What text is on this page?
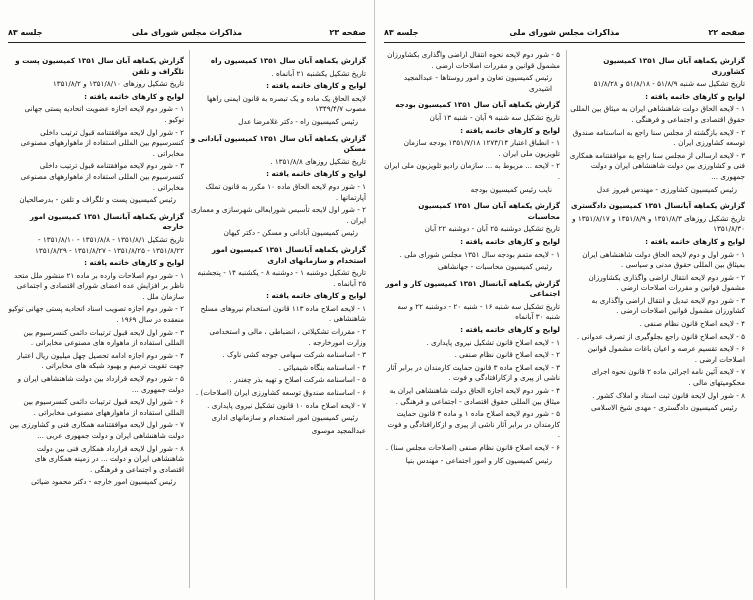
صفحه ۲۳
مذاکرات مجلس شورای ملی
جلسه ۸۳

گزارش یکماهه آبان سال ۱۳۵۱ کمیسیون راه

تاریخ تشکیل یکشنبه ۲۱ آبانماه .

لوایح و کارهای خاتمه یافته :

لایحه الحاق یک ماده و یک تبصره به قانون ایمنی راهها مصوب ۱۳۴۹/۴/۷

رئیس کمیسیون راه - دکتر غلامرضا عدل

گزارش یکماهه آبان سال ۱۳۵۱ کمیسیون آبادانی و مسکن

تاریخ تشکیل روزهای ۱۳۵۱/۸/۸ .

لوایح و کارهای خاتمه یافته :

۱ - شور دوم لایحه الحاق ماده ۱۰ مکرر به قانون تملک آپارتمانها .

۲ - شور اول لایحه تأسیس شورایعالی شهرسازی و معماری ایران .

رئیس کمیسیون آبادانی و مسکن - دکتر کیهان

گزارش یکماهه آبانسال ۱۳۵۱ کمیسیون امور استخدام و سازمانهای اداری

تاریخ تشکیل دوشنبه ۱ - دوشنبه ۸ - یکشنبه ۱۴ - پنجشنبه ۲۵ آبانماه .

لوایح و کارهای خاتمه یافته :

۱ - لایحه اصلاح ماده ۱۱۳ قانون استخدام نیروهای مسلح شاهنشاهی .

۲ - مقررات تشکیلاتی ، انضباطی ، مالی و استخدامی وزارت امورخارجه .

۳ - اساسنامه شرکت سهامی جوجه کشی ناوک .

۴ - اساسنامه بنگاه شیمیائی .

۵ - اساسنامه شرکت اصلاح و تهیه بذر چغندر .

۶ - اساسنامه صندوق توسعه کشاورزی ایران (اصلاحات) .

۷ - لایحه اصلاح ماده ۱۰ قانون تشکیل نیروی پایداری .

رئیس کمیسیون امور استخدام و سازمانهای اداری

عبدالمجید موسوی

گزارش یکماهه آبان سال ۱۳۵۱ کمیسیون پست و تلگراف و تلفن

تاریخ تشکیل روزهای ۱۳۵۱/۸/۱۰ و ۱۳۵۱/۸/۲

لوایح و کارهای خاتمه یافته :

۱ - شور دوم لایحه اجازه عضویت اتحادیه پستی جهانی توکیو .

۲ - شور اول لایحه موافقتنامه قبول ترتیب داخلی کنسرسیوم بین المللی استفاده از ماهوارههای مصنوعی مخابراتی .

۳ - شور دوم لایحه موافقتنامه قبول ترتیب داخلی کنسرسیوم بین المللی استفاده از ماهوارههای مصنوعی مخابراتی .

رئیس کمیسیون پست و تلگراف و تلفن - بدرصالحیان

گزارش یکماهه آبانسال ۱۳۵۱ کمیسیون امور خارجه

تاریخ تشکیل ۱۳۵۱/۸/۱ - ۱۳۵۱/۸/۸ - ۱۳۵۱/۸/۱۰ - ۱۳۵۱/۸/۲۲ - ۱۳۵۱/۸/۲۵ - ۱۳۵۱/۸/۲۷ - ۱۳۵۱/۸/۲۹

لوایح و کارهای خاتمه یافته :

۱ - شور دوم اصلاحات وارده بر ماده ۲۱ منشور ملل متحد ناظر بر افزایش عده اعضای شورای اقتصادی و اجتماعی سازمان ملل .

۲ - شور دوم اجازه تصویب اسناد اتحادیه پستی جهانی توکیو منعقده در سال ۱۹۶۹ .

۳ - شور اول لایحه قبول ترتیبات دائمی کنسرسیوم بین المللی استفاده از ماهواره های مصنوعی مخابراتی .

۴ - شور دوم اجازه ادامه تحصیل چهل میلیون ریال اعتبار جهت تقویت ترمیم و بهبود شبکه های مخابراتی .

۵ - شور دوم لایحه قرارداد بین دولت شاهنشاهی ایران و دولت جمهوری ...

۶ - شور اول لایحه قبول ترتیبات دائمی کنسرسیوم بین المللی استفاده از ماهوارههای مصنوعی مخابراتی .

۷ - شور اول لایحه موافقتنامه همکاری فنی و کشاورزی بین دولت شاهنشاهی ایران و دولت جمهوری عربی ...

۸ - شور اول لایحه قرارداد همکاری فنی بین دولت شاهنشاهی ایران و دولت ... در زمینه همکاری های اقتصادی و اجتماعی و فرهنگی .

رئیس کمیسیون امور خارجه - دکتر محمود ضیائی

صفحه ۲۲
مذاکرات مجلس شورای ملی
جلسه ۸۳

گزارش یکماهه آبان سال ۱۳۵۱ کمیسیون کشاورزی

تاریخ تشکیل سه شنبه ۵۱/۸/۹ - ۵۱/۸/۱۸ و ۵۱/۸/۲۸

لوایح و کارهای خاتمه یافته :

۱ - لایحه الحاق دولت شاهنشاهی ایران به میثاق بین المللی حقوق اقتصادی و اجتماعی و فرهنگی .

۲ - لایحه بازگشته از مجلس سنا راجع به اساسنامه صندوق توسعه کشاورزی ایران .

۳ - لایحه ارسالی از مجلس سنا راجع به موافقتنامه همکاری فنی و کشاورزی بین دولت شاهنشاهی ایران و دولت جمهوری ...

رئیس کمیسیون کشاورزی - مهندس فیروز عدل

گزارش یکماهه آبانسال ۱۳۵۱ کمیسیون دادگستری

تاریخ تشکیل روزهای ۱۳۵۱/۸/۳ و ۱۳۵۱/۸/۹ و ۱۳۵۱/۸/۱۷ و ۱۳۵۱/۸/۳۰

لوایح و کارهای خاتمه یافته :

۱ - شور اول و دوم لایحه الحاق دولت شاهنشاهی ایران بمیثاق بین المللی حقوق مدنی و سیاسی .

۲ - شور دوم لایحه انتقال اراضی واگذاری بکشاورزان مشمول قوانین و مقررات اصلاحات ارضی .

۳ - شور دوم لایحه تبدیل و انتقال اراضی واگذاری به کشاورزان مشمول قوانین اصلاحات ارضی .

۴ - لایحه اصلاح قانون نظام صنفی .

۵ - لایحه اصلاح قانون راجع بجلوگیری از تصرف عدوانی .

۶ - لایحه تقسیم عرصه و اعیان باغات مشمول قوانین اصلاحات ارضی .

۷ - لایحه آئین نامه اجرائی ماده ۲ قانون نحوه اجرای محکومیتهای مالی .

۸ - شور اول لایحه قانون ثبت اسناد و املاک کشور .

رئیس کمیسیون دادگستری - مهدی شیخ الاسلامی

۵ - شور دوم لایحه نحوه انتقال اراضی واگذاری بکشاورزان مشمول قوانین و مقررات اصلاحات ارضی .

رئیس کمیسیون تعاون و امور روستاها - عبدالمجید اشیدری

گزارش یکماهه آبان سال ۱۳۵۱ کمیسیون بودجه

تاریخ تشکیل سه شنبه ۹ آبان - شنبه ۱۳ آبان

لوایح و کارهای خاتمه یافته :

۱ - انطباق اعتبار ۱۲۷۴/۱۴ ۱۳۵۱/۷/۱۸ بودجه سازمان تلویزیون ملی ایران .

۲ - لایحه ... مربوط به ... سازمان رادیو تلویزیون ملی ایران .

نایب رئیس کمیسیون بودجه

گزارش یکماهه آبان سال ۱۳۵۱ کمیسیون محاسبات

تاریخ تشکیل دوشنبه ۲۵ آبان - دوشنبه ۲۲ آبان

لوایح و کارهای خاتمه یافته :

۱ - لایحه متمم بودجه سال ۱۳۵۱ مجلس شورای ملی .

رئیس کمیسیون محاسبات - جهانشاهی

گزارش یکماهه آبانسال ۱۳۵۱ کمیسیون کار و امور اجتماعی

تاریخ تشکیل سه شنبه ۱۶ - شنبه ۲۰ - دوشنبه ۲۲ و سه شنبه ۳۰ آبانماه

لوایح و کارهای خاتمه یافته :

۱ - لایحه اصلاح قانون تشکیل نیروی پایداری .

۲ - لایحه اصلاح قانون نظام صنفی .

۳ - لایحه اصلاح ماده ۳ قانون حمایت کارمندان در برابر آثار ناشی از پیری و ازکارافتادگی و فوت .

۴ - شور دوم لایحه اجازه الحاق دولت شاهنشاهی ایران به میثاق بین المللی حقوق اقتصادی - اجتماعی و فرهنگی .

۵ - شور دوم لایحه اصلاح ماده ۱ و ماده ۳ قانون حمایت کارمندان در برابر آثار ناشی از پیری و ازکارافتادگی و فوت .

۶ - لایحه اصلاح قانون نظام صنفی (اصلاحات مجلس سنا) .

رئیس کمیسیون کار و امور اجتماعی - مهندس بنیا
